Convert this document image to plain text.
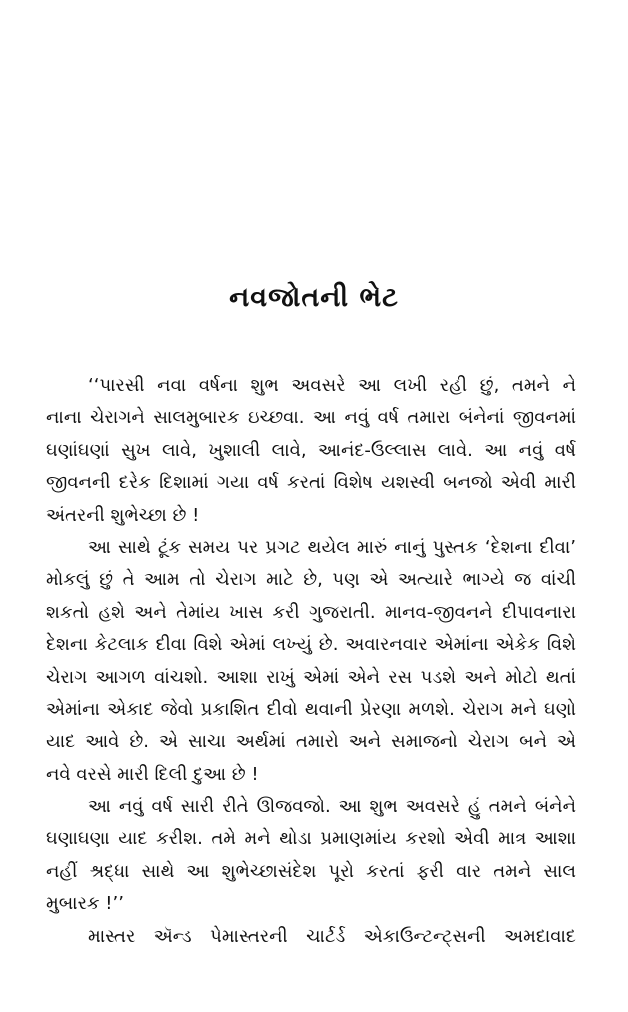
નવજોતની ભેટ
‘‘પારસી નવા વર્ષના શુભ અવસરે આ લખી રહી છું, તમને ને
નાના ચેરાગને સાલમુબારક ઇચ્છવા. આ નવું વર્ષ તમારા બંનેનાં જીવનમાં
ઘણાંઘણાં સુખ લાવે, ખુશાલી લાવે, આનંદ-ઉલ્લાસ લાવે. આ નવું વર્ષ
જીવનની દરેક દિશામાં ગયા વર્ષ કરતાં વિશેષ યશસ્વી બનજો એવી મારી
અંતરની શુભેચ્છા છે !
આ સાથે ટૂંક સમય પર પ્રગટ થયેલ મારું નાનું પુસ્તક ‘દેશના દીવા’
મોકલું છું તે આમ તો ચેરાગ માટે છે, પણ એ અત્યારે ભાગ્યે જ વાંચી
શકતો હશે અને તેમાંય ખાસ કરી ગુજરાતી. માનવ-જીવનને દીપાવનારા
દેશના કેટલાક દીવા વિશે એમાં લખ્યું છે. અવારનવાર એમાંના એકેક વિશે
ચેરાગ આગળ વાંચશો. આશા રાખું એમાં એને રસ પડશે અને મોટો થતાં
એમાંના એકાદ જેવો પ્રકાશિત દીવો થવાની પ્રેરણા મળશે. ચેરાગ મને ઘણો
યાદ આવે છે. એ સાચા અર્થમાં તમારો અને સમાજનો ચેરાગ બને એ
નવે વરસે મારી દિલી દુઆ છે !
આ નવું વર્ષ સારી રીતે ઊજવજો. આ શુભ અવસરે હું તમને બંનેને
ઘણાઘણા યાદ કરીશ. તમે મને થોડા પ્રમાણમાંય કરશો એવી માત્ર આશા
નહીં શ્રદ્ધા સાથે આ શુભેચ્છાસંદેશ પૂરો કરતાં ફરી વાર તમને સાલ
મુબારક !’’
માસ્તર ઍન્ડ પેમાસ્તરની ચાર્ટર્ડ એકાઉન્ટન્ટ્સની અમદાવાદ
